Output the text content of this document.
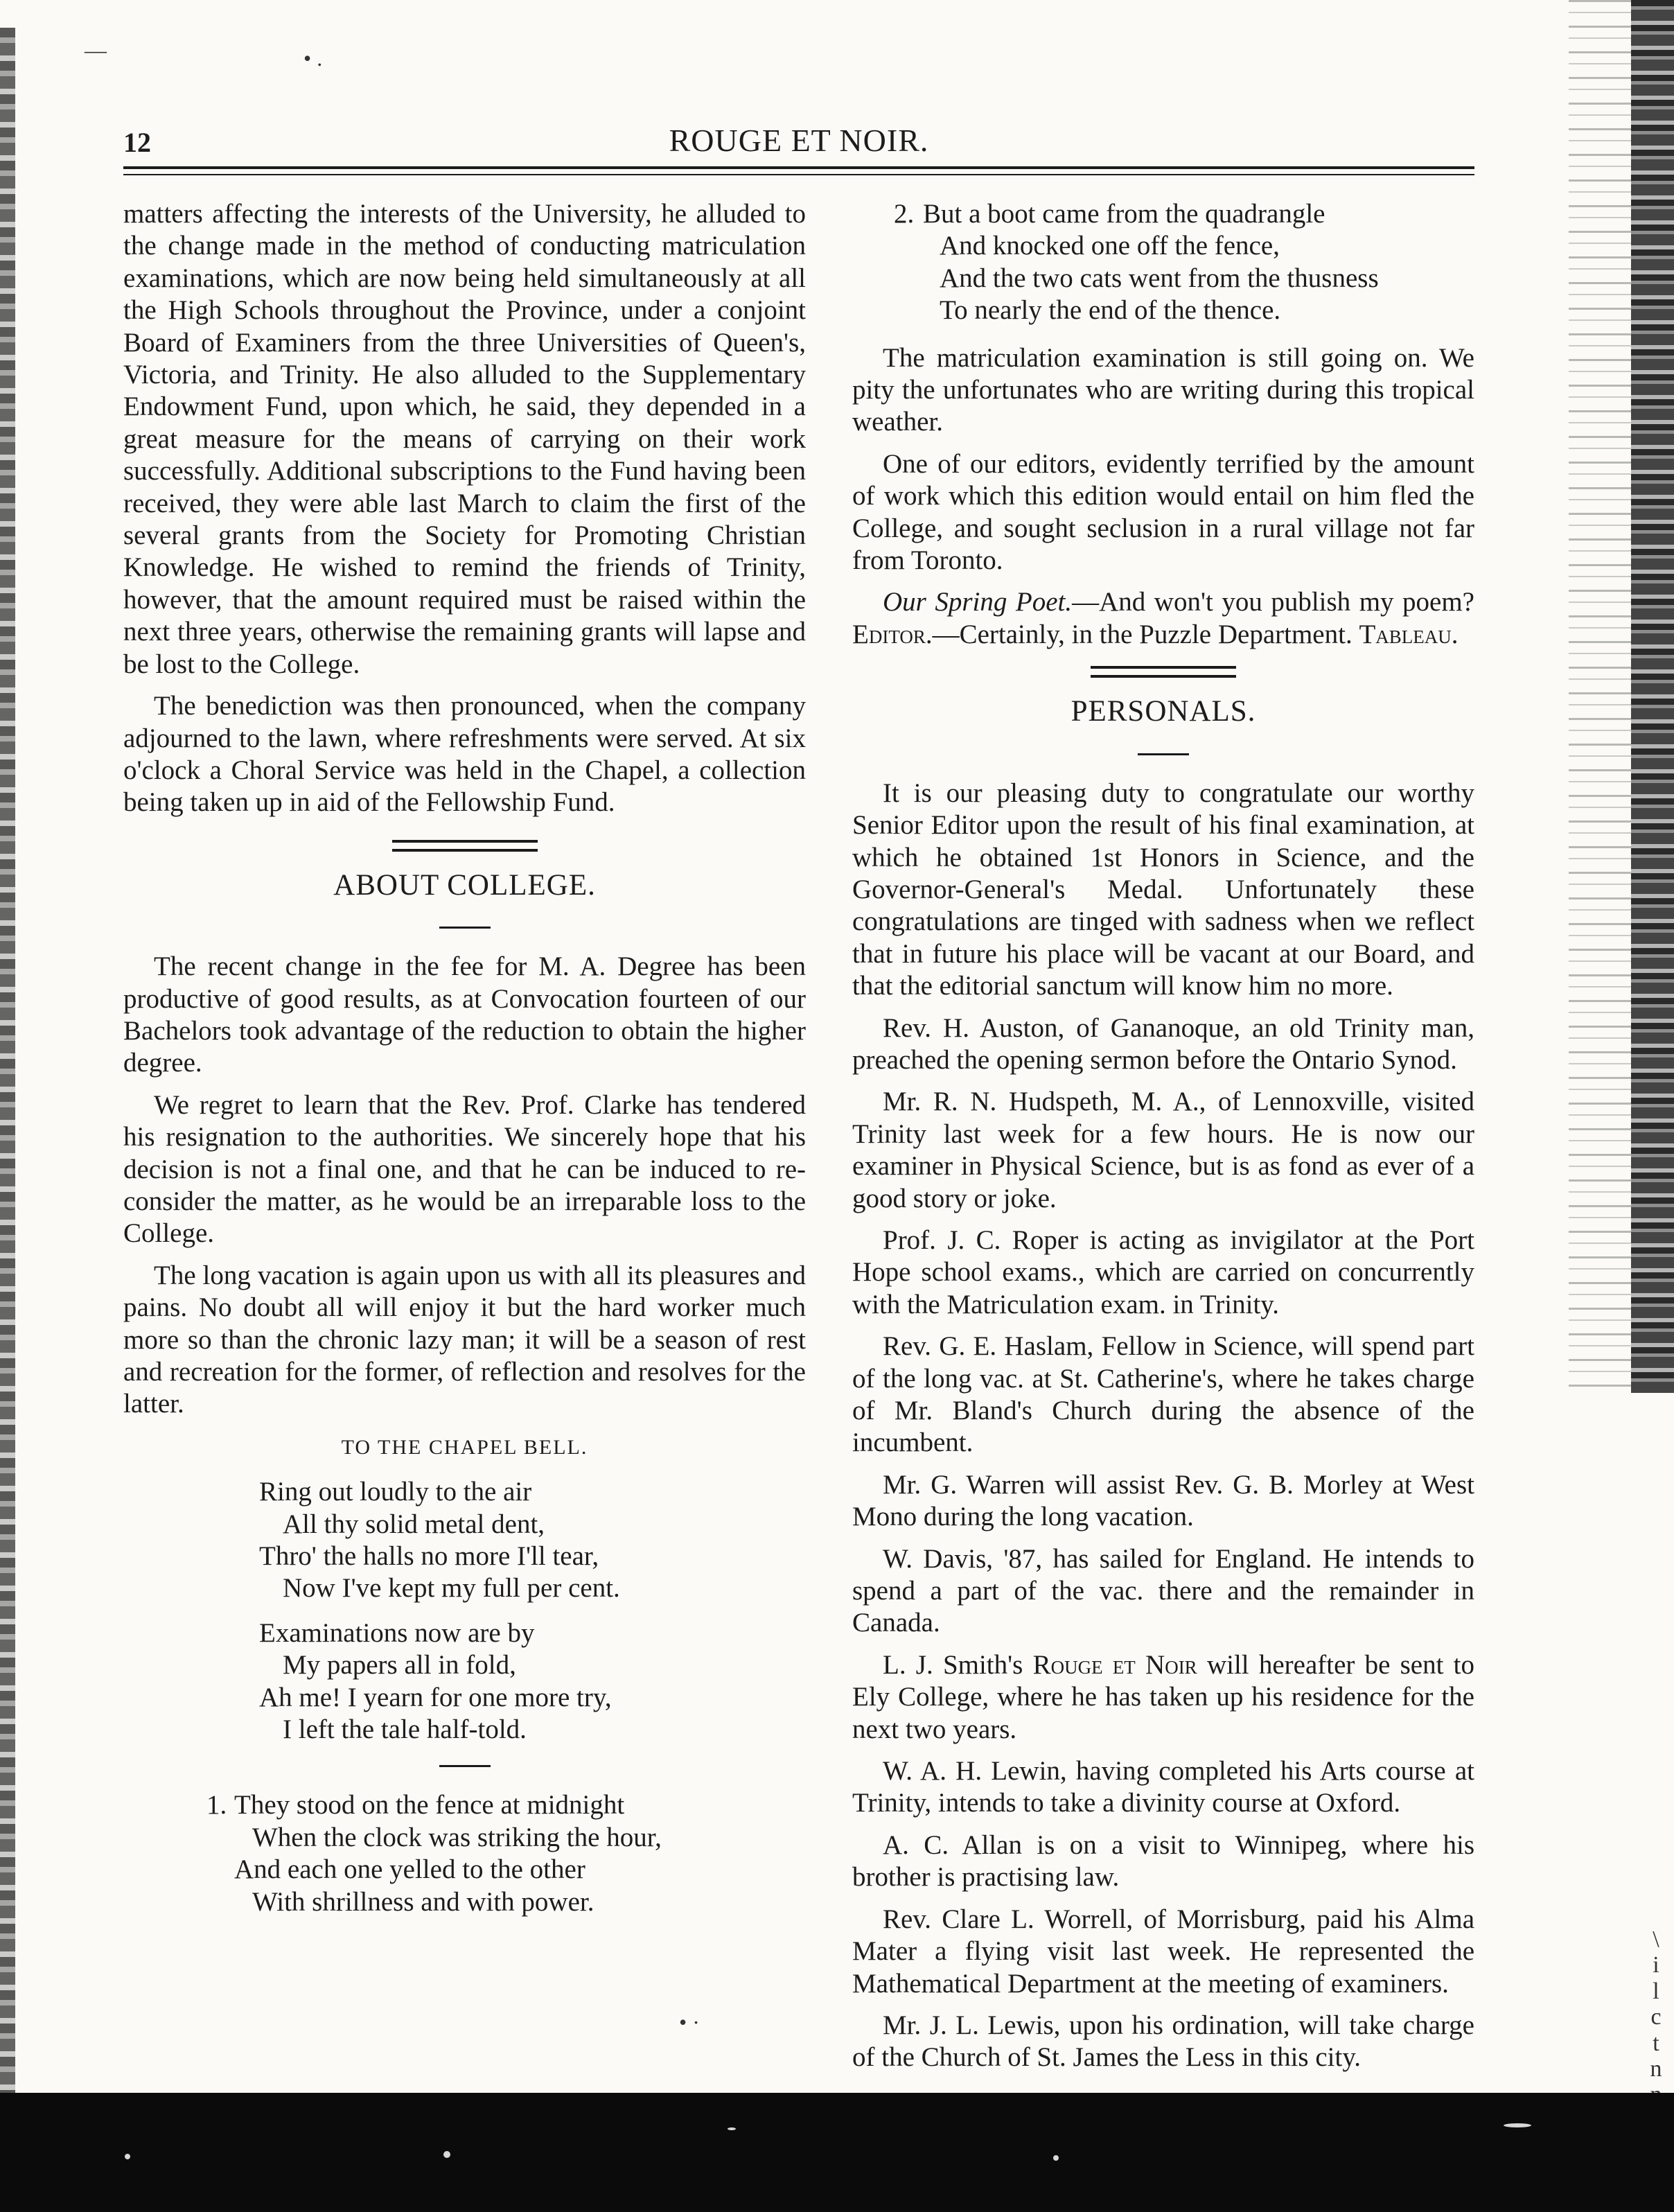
—	• .
• ·
\
i
l
c
t
n
12	ROUGE ET NOIR.

matters affecting the interests of the University, he alluded to the change made in the method of conducting matriculation examinations, which are now being held simultaneously at all the High Schools throughout the Province, under a conjoint Board of Examiners from the three Universities of Queen's, Victoria, and Trinity. He also alluded to the Supplementary Endowment Fund, upon which, he said, they depended in a great measure for the means of carrying on their work successfully. Additional subscriptions to the Fund having been received, they were able last March to claim the first of the several grants from the Society for Promoting Christian Knowledge. He wished to remind the friends of Trinity, however, that the amount required must be raised within the next three years, otherwise the remaining grants will lapse and be lost to the College.

The benediction was then pronounced, when the company adjourned to the lawn, where refreshments were served. At six o'clock a Choral Service was held in the Chapel, a collection being taken up in aid of the Fellowship Fund.

ABOUT COLLEGE.

The recent change in the fee for M. A. Degree has been productive of good results, as at Convocation fourteen of our Bachelors took advantage of the reduction to obtain the higher degree.

We regret to learn that the Rev. Prof. Clarke has tendered his resignation to the authorities. We sincerely hope that his decision is not a final one, and that he can be induced to re-consider the matter, as he would be an irreparable loss to the College.

The long vacation is again upon us with all its pleasures and pains. No doubt all will enjoy it but the hard worker much more so than the chronic lazy man; it will be a season of rest and recreation for the former, of reflection and resolves for the latter.

TO THE CHAPEL BELL.
Ring out loudly to the air
All thy solid metal dent,
Thro' the halls no more I'll tear,
Now I've kept my full per cent.
Examinations now are by
My papers all in fold,
Ah me! I yearn for one more try,
I left the tale half-told.
1. They stood on the fence at midnight
When the clock was striking the hour,
And each one yelled to the other
With shrillness and with power.
2. But a boot came from the quadrangle
And knocked one off the fence,
And the two cats went from the thusness
To nearly the end of the thence.

The matriculation examination is still going on. We pity the unfortunates who are writing during this tropical weather.

One of our editors, evidently terrified by the amount of work which this edition would entail on him fled the College, and sought seclusion in a rural village not far from Toronto.

Our Spring Poet.—And won't you publish my poem? Editor.—Certainly, in the Puzzle Department. Tableau.

PERSONALS.

It is our pleasing duty to congratulate our worthy Senior Editor upon the result of his final examination, at which he obtained 1st Honors in Science, and the Governor-General's Medal. Unfortunately these congratulations are tinged with sadness when we reflect that in future his place will be vacant at our Board, and that the editorial sanctum will know him no more.

Rev. H. Auston, of Gananoque, an old Trinity man, preached the opening sermon before the Ontario Synod.

Mr. R. N. Hudspeth, M. A., of Lennoxville, visited Trinity last week for a few hours. He is now our examiner in Physical Science, but is as fond as ever of a good story or joke.

Prof. J. C. Roper is acting as invigilator at the Port Hope school exams., which are carried on concurrently with the Matriculation exam. in Trinity.

Rev. G. E. Haslam, Fellow in Science, will spend part of the long vac. at St. Catherine's, where he takes charge of Mr. Bland's Church during the absence of the incumbent.

Mr. G. Warren will assist Rev. G. B. Morley at West Mono during the long vacation.

W. Davis, '87, has sailed for England. He intends to spend a part of the vac. there and the remainder in Canada.

L. J. Smith's Rouge et Noir will hereafter be sent to Ely College, where he has taken up his residence for the next two years.

W. A. H. Lewin, having completed his Arts course at Trinity, intends to take a divinity course at Oxford.

A. C. Allan is on a visit to Winnipeg, where his brother is practising law.

Rev. Clare L. Worrell, of Morrisburg, paid his Alma Mater a flying visit last week. He represented the Mathematical Department at the meeting of examiners.

Mr. J. L. Lewis, upon his ordination, will take charge of the Church of St. James the Less in this city.
